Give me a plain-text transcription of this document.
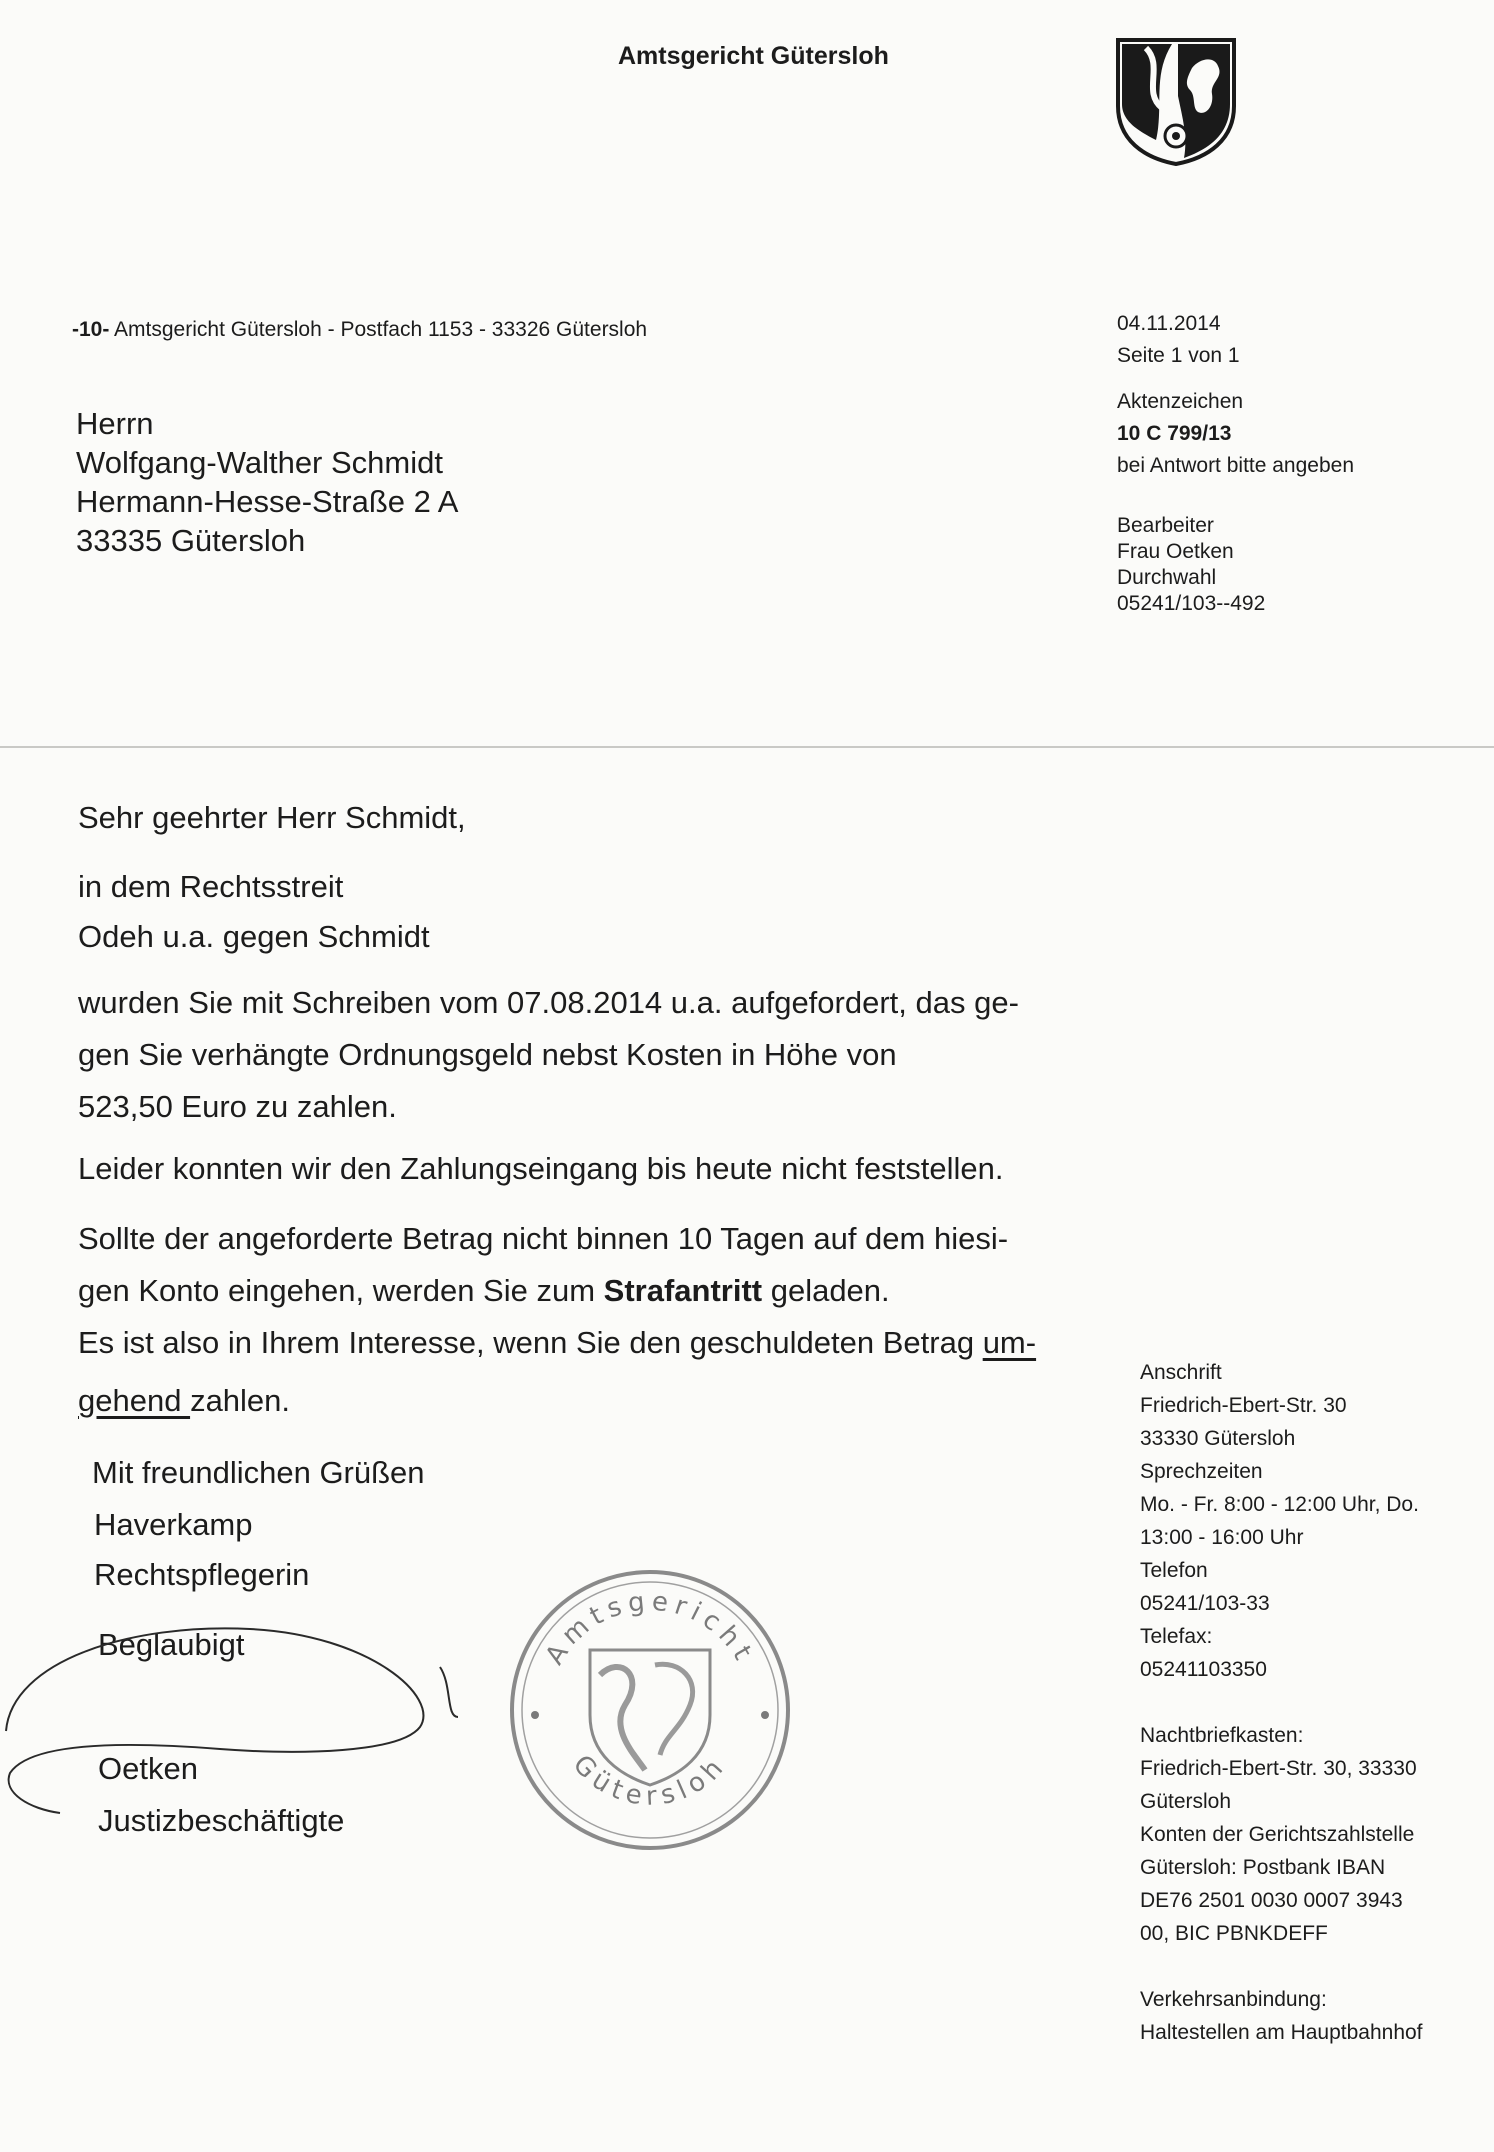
Amtsgericht Gütersloh
-10- Amtsgericht Gütersloh - Postfach 1153 - 33326 Gütersloh
Herrn
Wolfgang-Walther Schmidt
Hermann-Hesse-Straße 2 A
33335 Gütersloh
04.11.2014
Seite 1 von 1
Aktenzeichen
10 C 799/13
bei Antwort bitte angeben
Bearbeiter
Frau Oetken
Durchwahl
05241/103--492
Sehr geehrter Herr Schmidt,
in dem Rechtsstreit
Odeh u.a. gegen Schmidt
wurden Sie mit Schreiben vom 07.08.2014 u.a. aufgefordert, das ge-
gen Sie verhängte Ordnungsgeld nebst Kosten in Höhe von
523,50 Euro zu zahlen.
Leider konnten wir den Zahlungseingang bis heute nicht feststellen.
Sollte der angeforderte Betrag nicht binnen 10 Tagen auf dem hiesi-
gen Konto eingehen, werden Sie zum Strafantritt geladen.
Es ist also in Ihrem Interesse, wenn Sie den geschuldeten Betrag um-
gehend zahlen.
Mit freundlichen Grüßen
Haverkamp
Rechtspflegerin
Beglaubigt
Oetken
Justizbeschäftigte
Amtsgericht
Gütersloh
Anschrift
Friedrich-Ebert-Str. 30
33330 Gütersloh
Sprechzeiten
Mo. - Fr. 8:00 - 12:00 Uhr, Do.
13:00 - 16:00 Uhr
Telefon
05241/103-33
Telefax:
05241103350
Nachtbriefkasten:
Friedrich-Ebert-Str. 30, 33330
Gütersloh
Konten der Gerichtszahlstelle
Gütersloh: Postbank IBAN
DE76 2501 0030 0007 3943
00, BIC PBNKDEFF
Verkehrsanbindung:
Haltestellen am Hauptbahnhof
